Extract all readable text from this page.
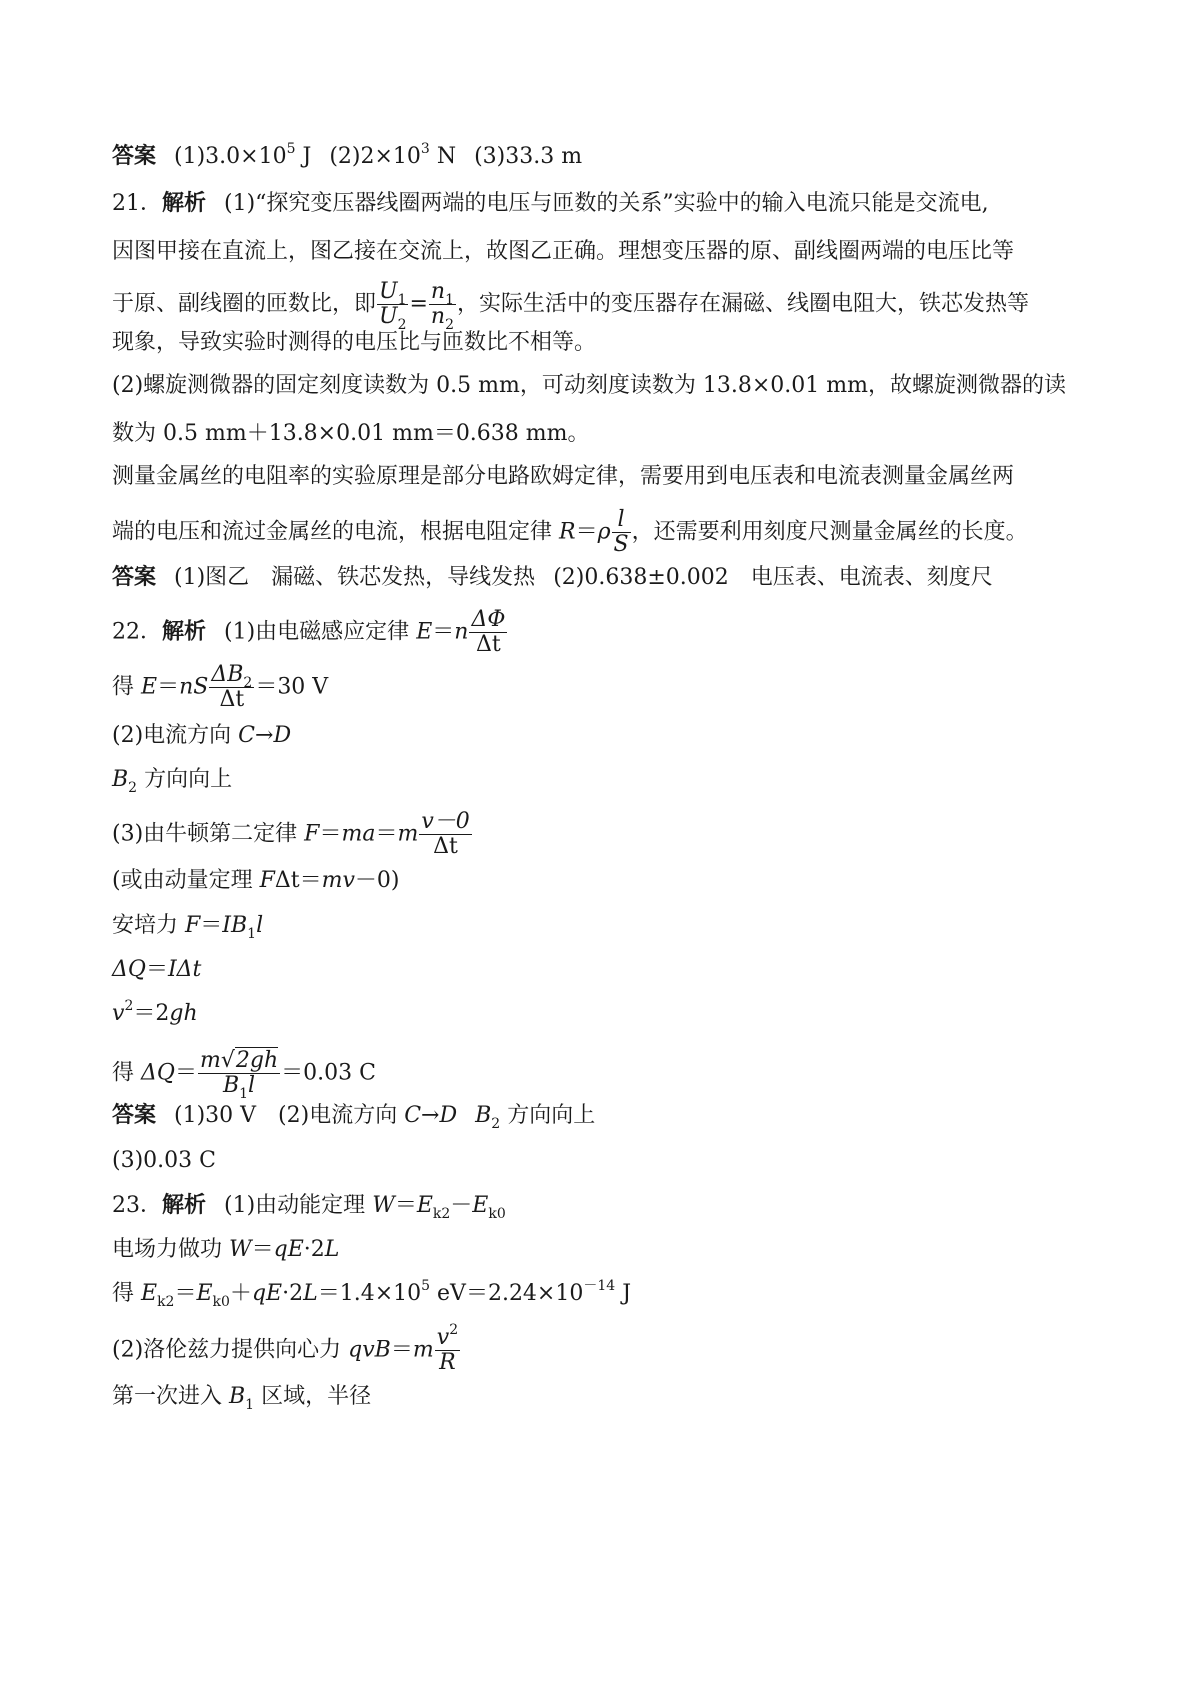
答案 $(1)3.0\times 10^5$ J $(2)2\times 10^3$ N (3)33.3 m
21．解析 (1)“探究变压器线圈两端的电压与匝数的关系”实验中的输入电流只能是交流电,
因图甲接在直流上，图乙接在交流上，故图乙正确。理想变压器的原、副线圈两端的电压比等
于原、副线圈的匝数比，即 $\frac{U_1}{U_2} = \frac{n_1}{n_2}$ ，实际生活中的变压器存在漏磁、线圈电阻大，铁芯发热等
现象，导致实验时测得的电压比与匝数比不相等。
(2)螺旋测微器的固定刻度读数为 0.5 mm，可动刻度读数为 13.8×0.01 mm，故螺旋测微器的读
数为 0.5 mm＋13.8×0.01 mm＝0.638 mm。
测量金属丝的电阻率的实验原理是部分电路欧姆定律，需要用到电压表和电流表测量金属丝两
端的电压和流过金属丝的电流，根据电阻定律 $R=\rho \frac{l}{S}$ ，还需要利用刻度尺测量金属丝的长度。
答案 (1)图乙　漏磁、铁芯发热，导线发热 (2)0.638±0.002　电压表、电流表、刻度尺
22．解析 (1)由电磁感应定律 $E=n \frac{\Delta\Phi}{\Delta t}$
得 $E=nS \frac{\Delta B_2}{\Delta t} =30$ V
(2)电流方向 C→D
$B_2$ 方向向上
(3)由牛顿第二定律 $F=ma=m \frac{v-0}{\Delta t}$
(或由动量定理 FΔt＝mv－0)
安培力 $F=IB_1l$
ΔQ＝IΔt
$v^2=2gh$
得 $\Delta Q= \frac{m√2gh}{B_1l} =0.03$ C
答案 (1)30 V　(2)电流方向 C→D $B_2$ 方向向上
(3)0.03 C
23．解析 (1)由动能定理 $W=E_{k2}-E_{k0}$
电场力做功 W＝qE·2L
得 $E_{k2}=E_{k0}+qE\cdot 2L=1.4\times 10^5$ $eV=2.24\times 10^{-14}$ J
(2)洛伦兹力提供向心力 $qvB=m \frac{v^2}{R}$
第一次进入 $B_1$ 区域，半径
